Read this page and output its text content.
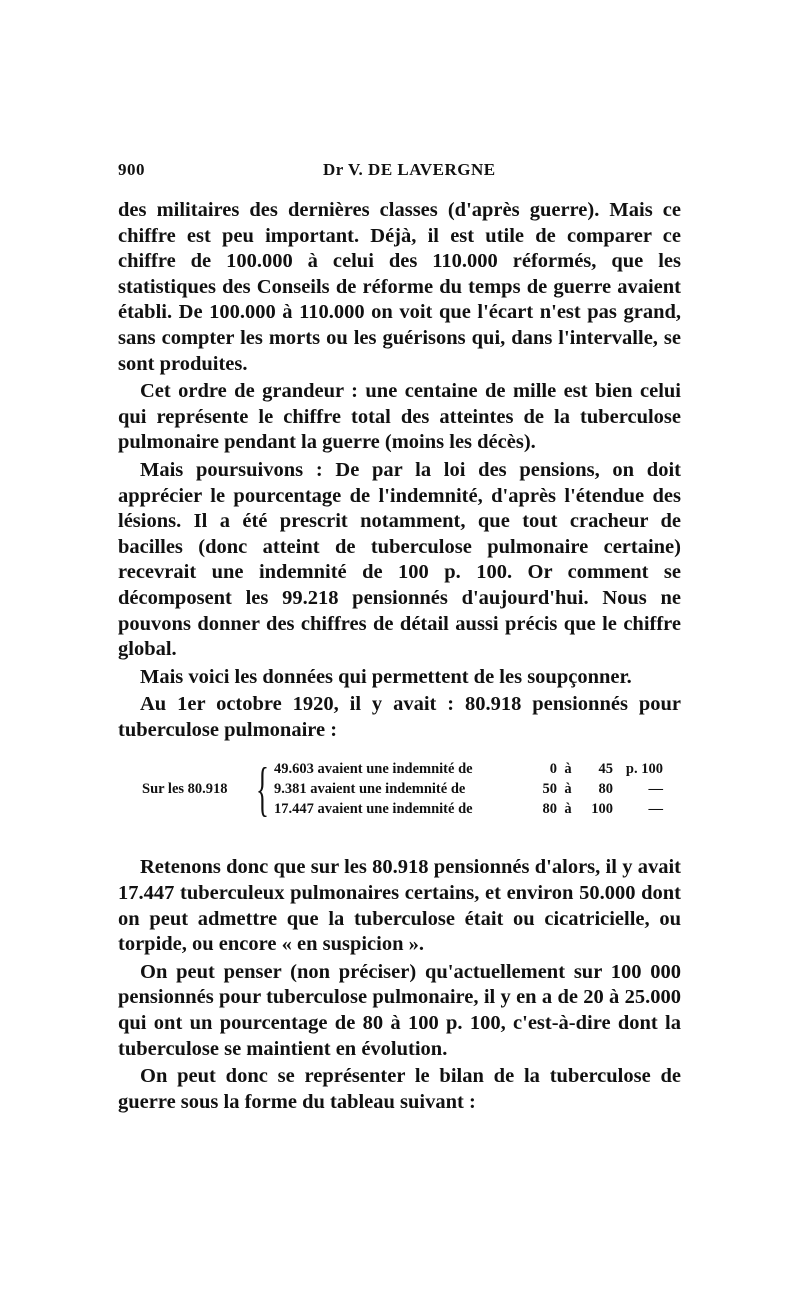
900	Dr V. DE LAVERGNE

des militaires des dernières classes (d'après guerre). Mais ce chiffre est peu important. Déjà, il est utile de comparer ce chiffre de 100.000 à celui des 110.000 réformés, que les statistiques des Conseils de réforme du temps de guerre avaient établi. De 100.000 à 110.000 on voit que l'écart n'est pas grand, sans compter les morts ou les guérisons qui, dans l'intervalle, se sont produites.

Cet ordre de grandeur : une centaine de mille est bien celui qui représente le chiffre total des atteintes de la tuberculose pulmonaire pendant la guerre (moins les décès).

Mais poursuivons : De par la loi des pensions, on doit apprécier le pourcentage de l'indemnité, d'après l'étendue des lésions. Il a été prescrit notamment, que tout cracheur de bacilles (donc atteint de tuberculose pulmonaire certaine) recevrait une indemnité de 100 p. 100. Or comment se décomposent les 99.218 pensionnés d'aujourd'hui. Nous ne pouvons donner des chiffres de détail aussi précis que le chiffre global.

Mais voici les données qui permettent de les soupçonner.

Au 1er octobre 1920, il y avait : 80.918 pensionnés pour tuberculose pulmonaire :

Sur les 80.918 { 49.603 avaient une indemnité de	0 à	45 p. 100
9.381 avaient une indemnité de	50 à	80	—
17.447 avaient une indemnité de	80 à	100	—

Retenons donc que sur les 80.918 pensionnés d'alors, il y avait 17.447 tuberculeux pulmonaires certains, et environ 50.000 dont on peut admettre que la tuberculose était ou cicatricielle, ou torpide, ou encore « en suspicion ».

On peut penser (non préciser) qu'actuellement sur 100 000 pensionnés pour tuberculose pulmonaire, il y en a de 20 à 25.000 qui ont un pourcentage de 80 à 100 p. 100, c'est-à-dire dont la tuberculose se maintient en évolution.

On peut donc se représenter le bilan de la tuberculose de guerre sous la forme du tableau suivant :
